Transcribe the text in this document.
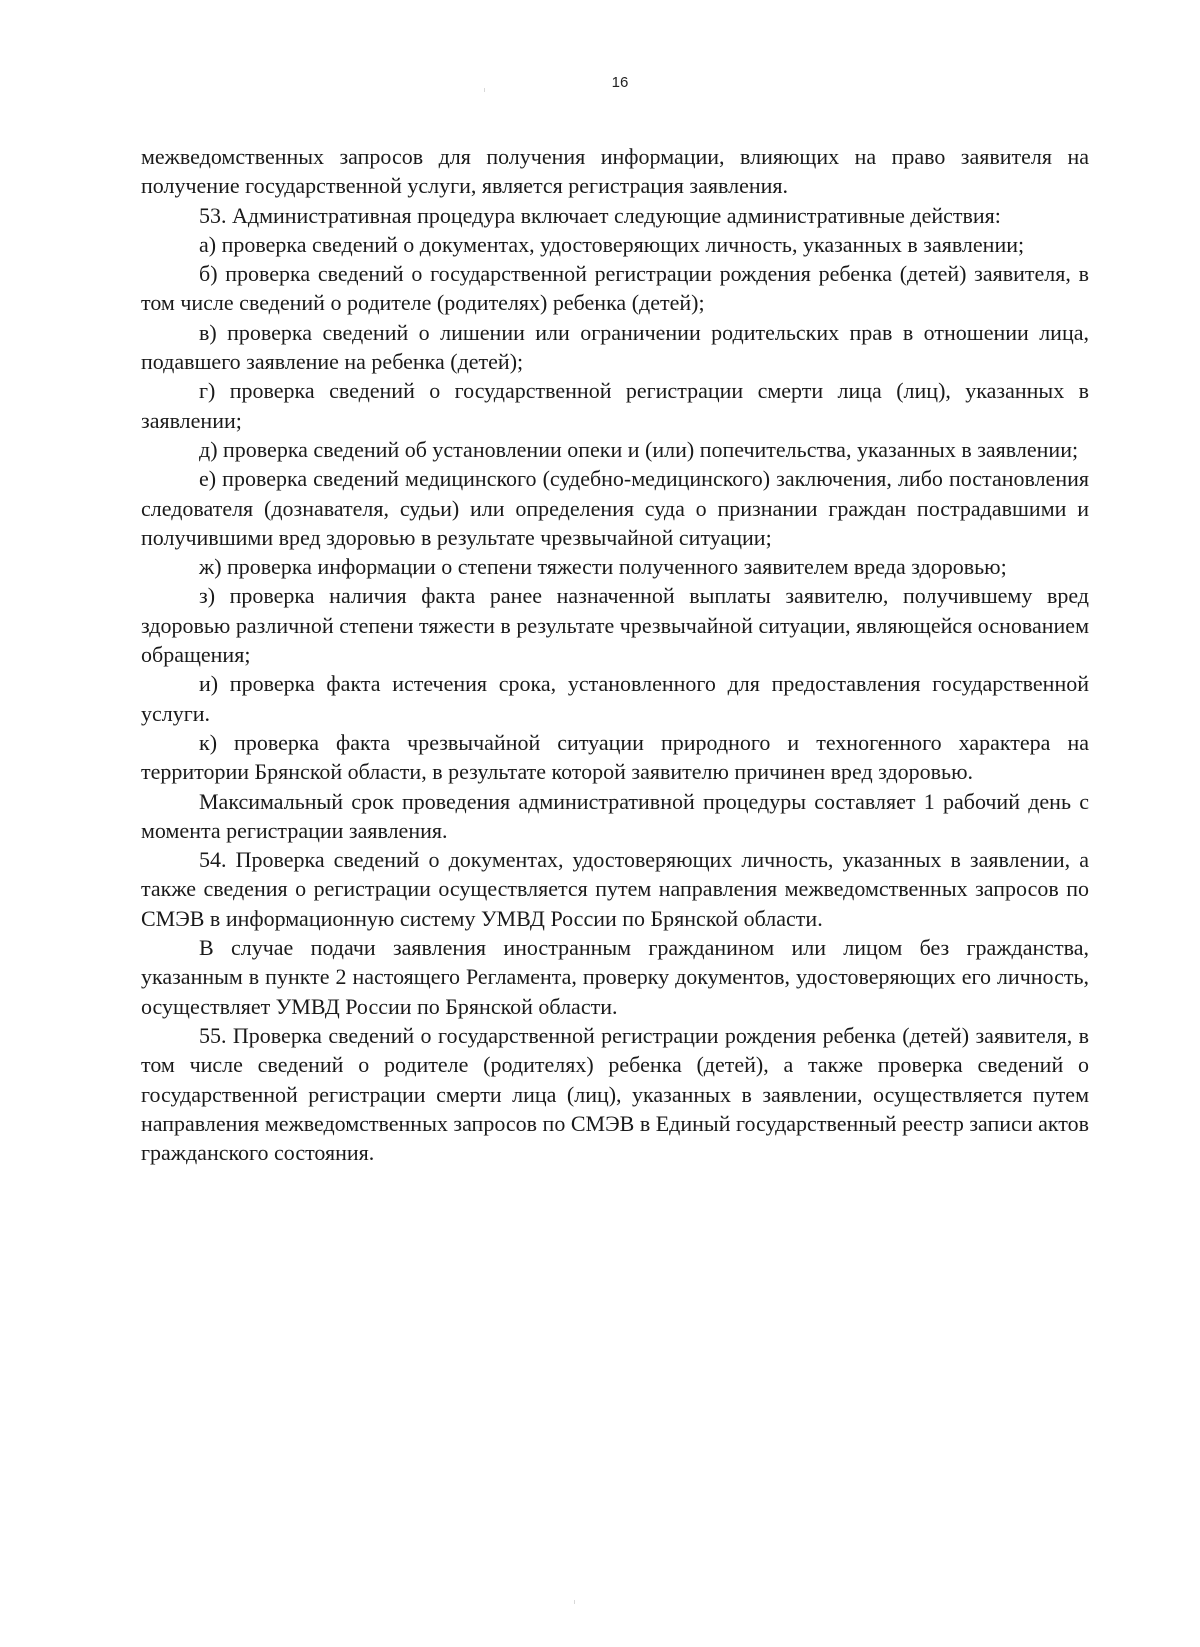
16

межведомственных запросов для получения информации, влияющих на право заявителя на получение государственной услуги, является регистрация заявления.

53. Административная процедура включает следующие административные действия:

а) проверка сведений о документах, удостоверяющих личность, указанных в заявлении;

б) проверка сведений о государственной регистрации рождения ребенка (детей) заявителя, в том числе сведений о родителе (родителях) ребенка (детей);

в) проверка сведений о лишении или ограничении родительских прав в отношении лица, подавшего заявление на ребенка (детей);

г) проверка сведений о государственной регистрации смерти лица (лиц), указанных в заявлении;

д) проверка сведений об установлении опеки и (или) попечительства, указанных в заявлении;

е) проверка сведений медицинского (судебно-медицинского) заключения, либо постановления следователя (дознавателя, судьи) или определения суда о признании граждан пострадавшими и получившими вред здоровью в результате чрезвычайной ситуации;

ж) проверка информации о степени тяжести полученного заявителем вреда здоровью;

з) проверка наличия факта ранее назначенной выплаты заявителю, получившему вред здоровью различной степени тяжести в результате чрезвычайной ситуации, являющейся основанием обращения;

и) проверка факта истечения срока, установленного для предоставления государственной услуги.

к) проверка факта чрезвычайной ситуации природного и техногенного характера на территории Брянской области, в результате которой заявителю причинен вред здоровью.

Максимальный срок проведения административной процедуры составляет 1 рабочий день с момента регистрации заявления.

54. Проверка сведений о документах, удостоверяющих личность, указанных в заявлении, а также сведения о регистрации осуществляется путем направления межведомственных запросов по СМЭВ в информационную систему УМВД России по Брянской области.

В случае подачи заявления иностранным гражданином или лицом без гражданства, указанным в пункте 2 настоящего Регламента, проверку документов, удостоверяющих его личность, осуществляет УМВД России по Брянской области.

55. Проверка сведений о государственной регистрации рождения ребенка (детей) заявителя, в том числе сведений о родителе (родителях) ребенка (детей), а также проверка сведений о государственной регистрации смерти лица (лиц), указанных в заявлении, осуществляется путем направления межведомственных запросов по СМЭВ в Единый государственный реестр записи актов гражданского состояния.
